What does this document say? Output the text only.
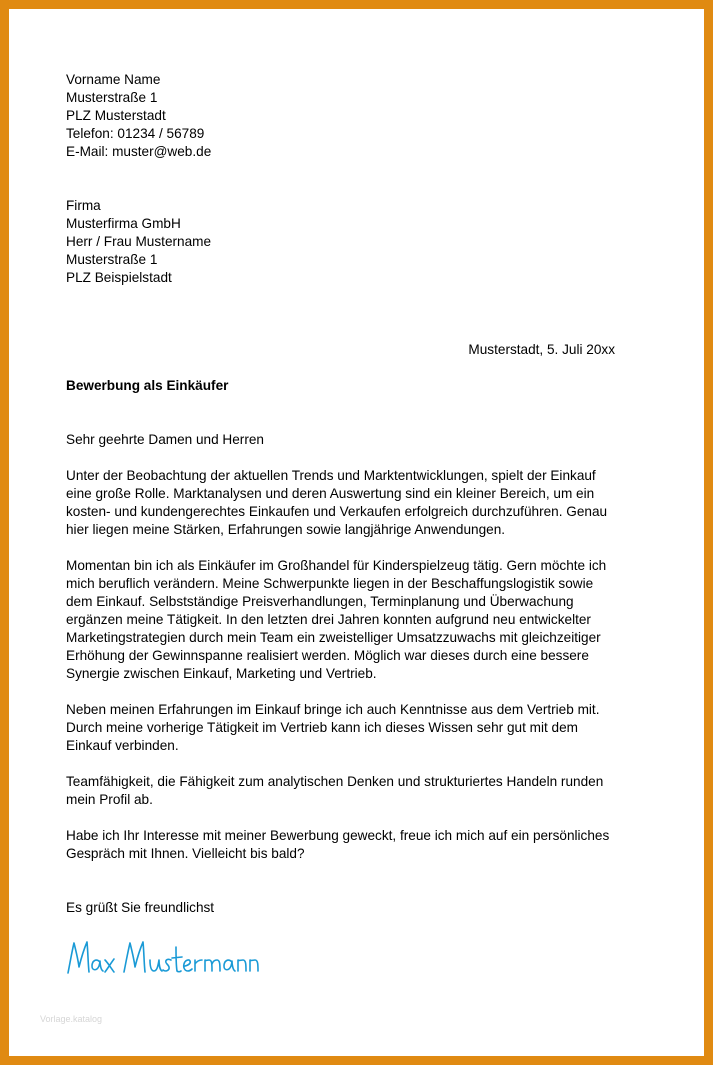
Vorname Name
Musterstraße 1
PLZ Musterstadt
Telefon: 01234 / 56789
E-Mail: muster@web.de
Firma
Musterfirma GmbH
Herr / Frau Mustername
Musterstraße 1
PLZ Beispielstadt
Musterstadt, 5. Juli 20xx
Bewerbung als Einkäufer
Sehr geehrte Damen und Herren
Unter der Beobachtung der aktuellen Trends und Marktentwicklungen, spielt der Einkauf
eine große Rolle. Marktanalysen und deren Auswertung sind ein kleiner Bereich, um ein
kosten- und kundengerechtes Einkaufen und Verkaufen erfolgreich durchzuführen. Genau
hier liegen meine Stärken, Erfahrungen sowie langjährige Anwendungen.
Momentan bin ich als Einkäufer im Großhandel für Kinderspielzeug tätig. Gern möchte ich
mich beruflich verändern. Meine Schwerpunkte liegen in der Beschaffungslogistik sowie
dem Einkauf. Selbstständige Preisverhandlungen, Terminplanung und Überwachung
ergänzen meine Tätigkeit. In den letzten drei Jahren konnten aufgrund neu entwickelter
Marketingstrategien durch mein Team ein zweistelliger Umsatzzuwachs mit gleichzeitiger
Erhöhung der Gewinnspanne realisiert werden. Möglich war dieses durch eine bessere
Synergie zwischen Einkauf, Marketing und Vertrieb.
Neben meinen Erfahrungen im Einkauf bringe ich auch Kenntnisse aus dem Vertrieb mit.
Durch meine vorherige Tätigkeit im Vertrieb kann ich dieses Wissen sehr gut mit dem
Einkauf verbinden.
Teamfähigkeit, die Fähigkeit zum analytischen Denken und strukturiertes Handeln runden
mein Profil ab.
Habe ich Ihr Interesse mit meiner Bewerbung geweckt, freue ich mich auf ein persönliches
Gespräch mit Ihnen. Vielleicht bis bald?
Es grüßt Sie freundlichst
Vorlage.katalog
